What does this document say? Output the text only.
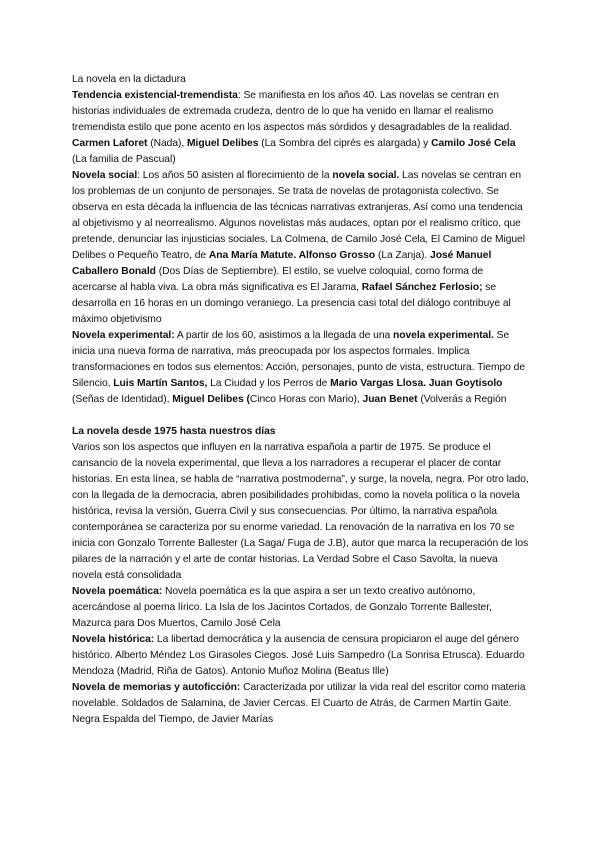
La novela en la dictadura

Tendencia existencial-tremendista: Se manifiesta en los años 40. Las novelas se centran en historias individuales de extremada crudeza, dentro de lo que ha venido en llamar el realismo tremendista estilo que pone acento en los aspectos más sórdidos y desagradables de la realidad. Carmen Laforet (Nada), Miguel Delibes (La Sombra del ciprés es alargada) y Camilo José Cela (La familia de Pascual)

Novela social: Los años 50 asisten al florecimiento de la novela social. Las novelas se centran en los problemas de un conjunto de personajes. Se trata de novelas de protagonista colectivo. Se observa en esta década la influencia de las técnicas narrativas extranjeras. Así como una tendencia al objetivismo y al neorrealismo. Algunos novelistas más audaces, optan por el realismo crítico, que pretende, denunciar las injusticias sociales. La Colmena, de Camilo José Cela, El Camino de Miguel Delibes o Pequeño Teatro, de Ana María Matute. Alfonso Grosso (La Zanja). José Manuel Caballero Bonald (Dos Días de Septiembre). El estilo, se vuelve coloquial, como forma de acercarse al habla viva. La obra más significativa es El Jarama, Rafael Sánchez Ferlosio; se desarrolla en 16 horas en un domingo veraniego. La presencia casi total del diálogo contribuye al máximo objetivismo

Novela experimental: A partir de los 60, asistimos a la llegada de una novela experimental. Se inicia una nueva forma de narrativa, más preocupada por los aspectos formales. Implica transformaciones en todos sus elementos: Acción, personajes, punto de vista, estructura. Tiempo de Silencio, Luis Martín Santos, La Ciudad y los Perros de Mario Vargas Llosa. Juan Goytisolo (Señas de Identidad), Miguel Delibes (Cinco Horas con Mario), Juan Benet (Volverás a Región

La novela desde 1975 hasta nuestros días

Varios son los aspectos que influyen en la narrativa española a partir de 1975. Se produce el cansancio de la novela experimental, que lleva a los narradores a recuperar el placer de contar historias. En esta línea, se habla de “narrativa postmoderna”, y surge, la novela, negra. Por otro lado, con la llegada de la democracia, abren posibilidades prohibidas, como la novela política o la novela histórica, revisa la versión, Guerra Civil y sus consecuencias. Por último, la narrativa española contemporánea se caracteriza por su enorme variedad. La renovación de la narrativa en los 70 se inicia con Gonzalo Torrente Ballester (La Saga/ Fuga de J.B), autor que marca la recuperación de los pilares de la narración y el arte de contar historias. La Verdad Sobre el Caso Savolta, la nueva novela está consolidada

Novela poemática: Novela poemática es la que aspira a ser un texto creativo autónomo, acercándose al poema lírico. La Isla de los Jacintos Cortados, de Gonzalo Torrente Ballester, Mazurca para Dos Muertos, Camilo José Cela

Novela histórica: La libertad democrática y la ausencia de censura propiciaron el auge del género histórico. Alberto Méndez Los Girasoles Ciegos. José Luis Sampedro (La Sonrisa Etrusca). Eduardo Mendoza (Madrid, Riña de Gatos). Antonio Muñoz Molina (Beatus Ille)

Novela de memorias y autoficción: Caracterizada por utilizar la vida real del escritor como materia novelable. Soldados de Salamina, de Javier Cercas. El Cuarto de Atrás, de Carmen Martín Gaite. Negra Espalda del Tiempo, de Javier Marías
